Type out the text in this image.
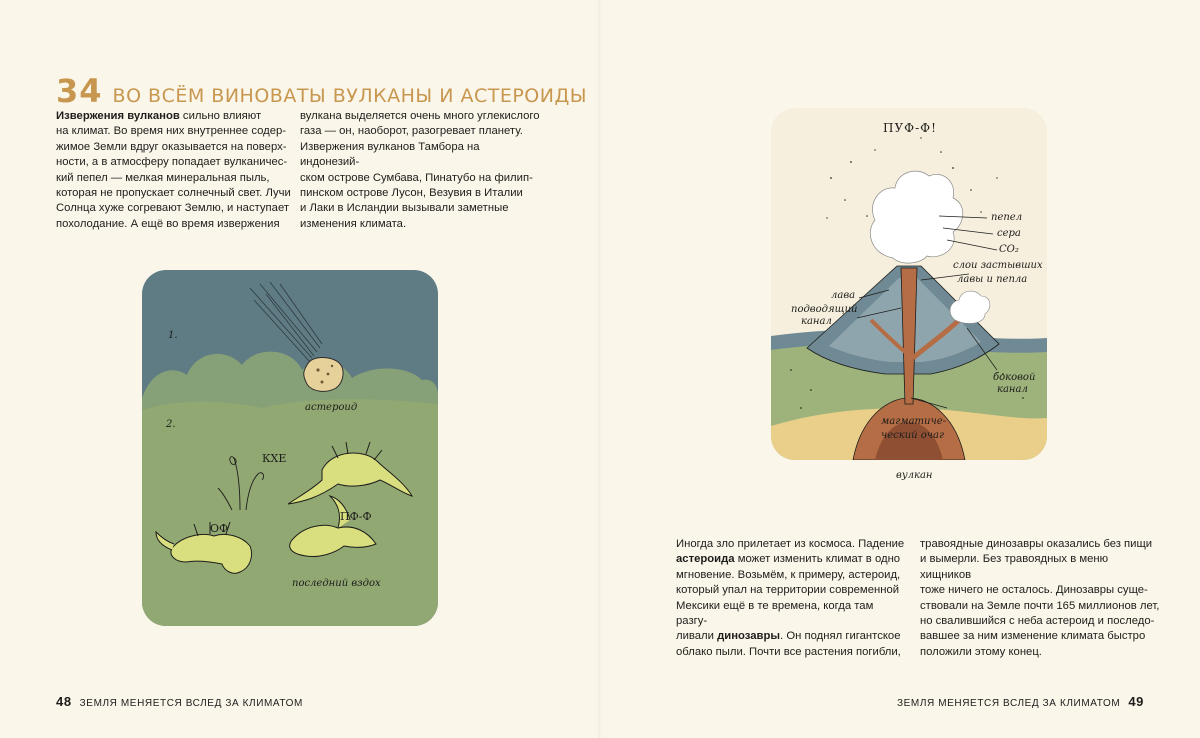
34 ВО ВСЁМ ВИНОВАТЫ ВУЛКАНЫ И АСТЕРОИДЫ
Извержения вулканов сильно влияют
на климат. Во время них внутреннее содер-
жимое Земли вдруг оказывается на поверх-
ности, а в атмосферу попадает вулканичес-
кий пепел — мелкая минеральная пыль,
которая не пропускает солнечный свет. Лучи
Солнца хуже согревают Землю, и наступает
похолодание. А ещё во время извержения
вулкана выделяется очень много углекислого
газа — он, наоборот, разогревает планету.
Извержения вулканов Тамбора на индонезий-
ском острове Сумбава, Пинатубо на филип-
пинском острове Лусон, Везувия в Италии
и Лаки в Исландии вызывали заметные
изменения климата.
1.
2.
астероид
КХЕ
ОФ
ПФ-Ф
последний вздох
48 ЗЕМЛЯ МЕНЯЕТСЯ ВСЛЕД ЗА КЛИМАТОМ
ПУФ-Ф!
пепел
сера
CO₂
слои застывших
лавы и пепла
лава
подводящий
канал
боковой
канал
магматиче-
ческий очаг
вулкан
Иногда зло прилетает из космоса. Падение
астероида может изменить климат в одно
мгновение. Возьмём, к примеру, астероид,
который упал на территории современной
Мексики ещё в те времена, когда там разгу-
ливали динозавры. Он поднял гигантское
облако пыли. Почти все растения погибли,
травоядные динозавры оказались без пищи
и вымерли. Без травоядных в меню хищников
тоже ничего не осталось. Динозавры суще-
ствовали на Земле почти 165 миллионов лет,
но свалившийся с неба астероид и последо-
вавшее за ним изменение климата быстро
положили этому конец.
ЗЕМЛЯ МЕНЯЕТСЯ ВСЛЕД ЗА КЛИМАТОМ 49
